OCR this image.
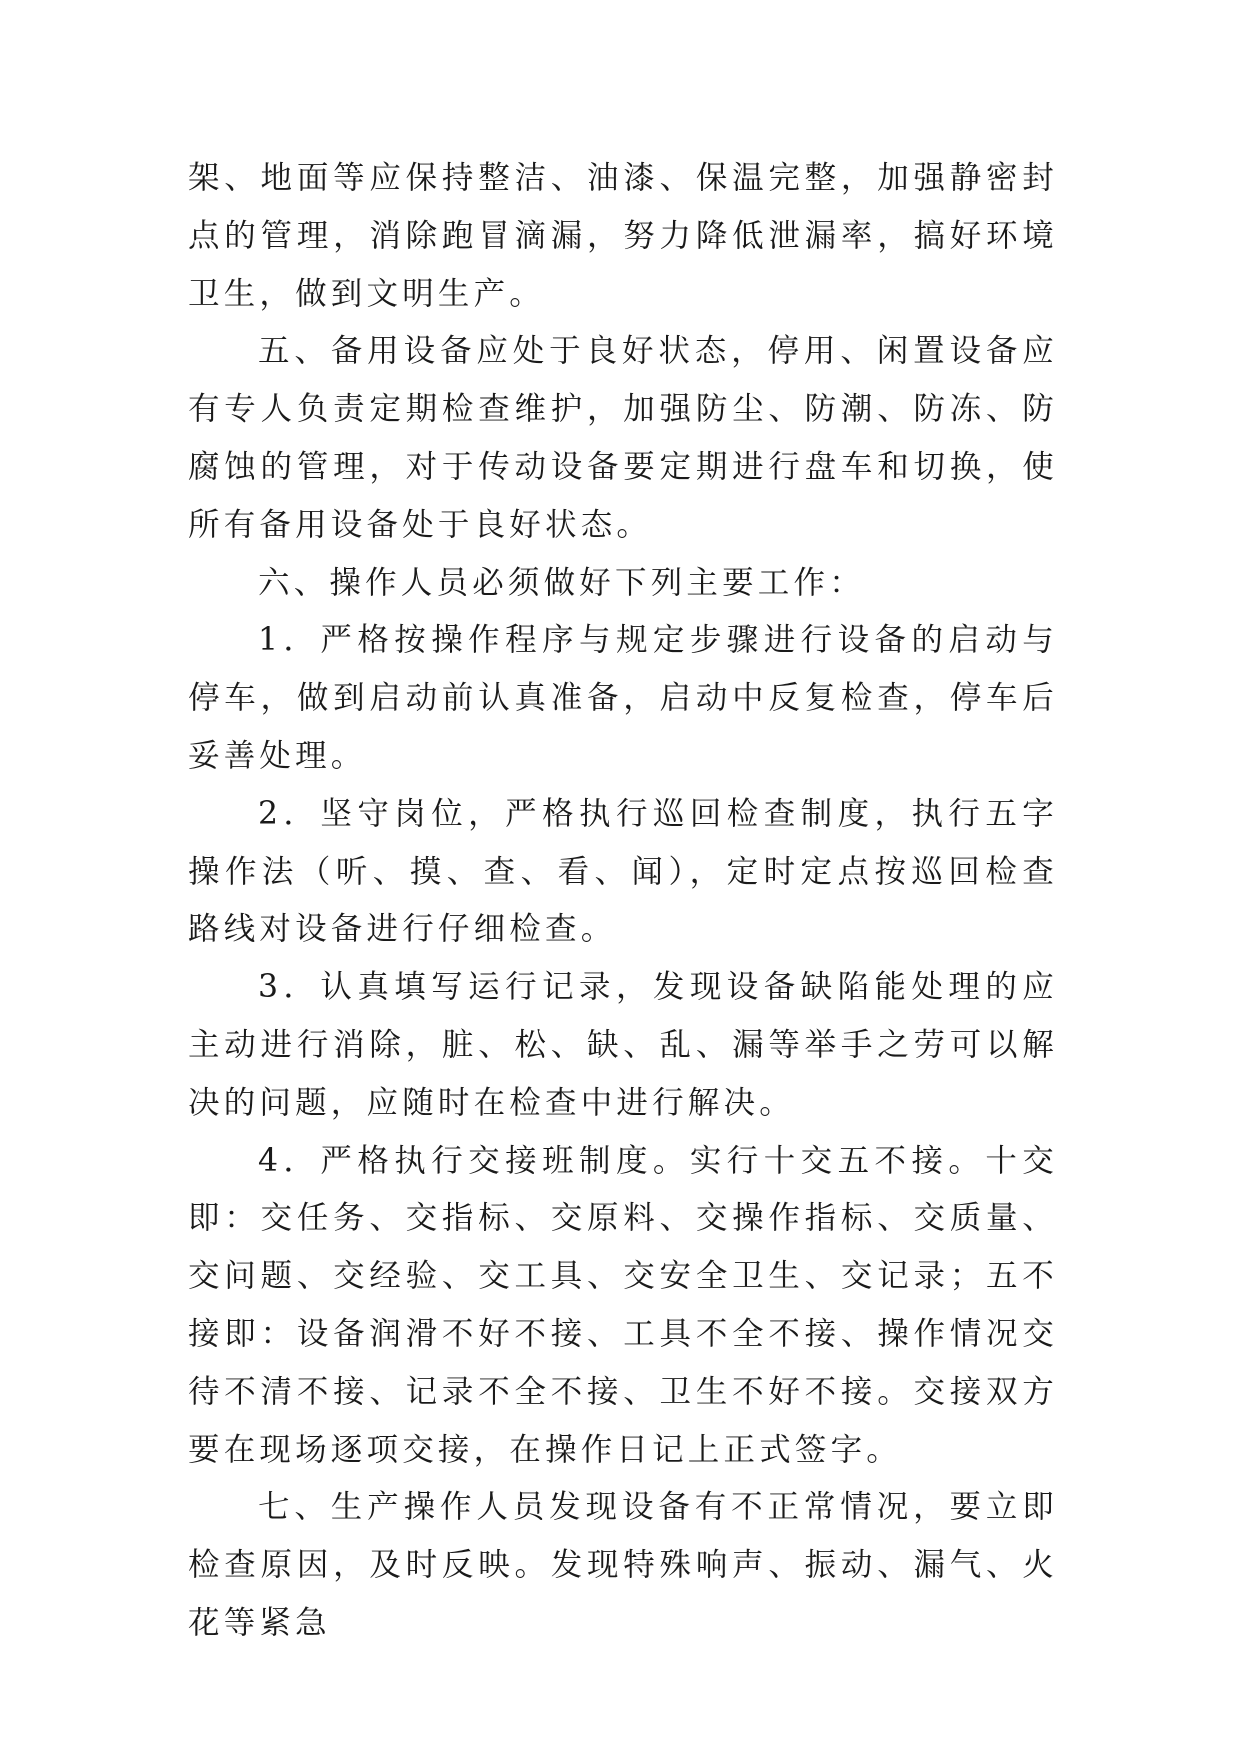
架、地面等应保持整洁、油漆、保温完整，加强静密封点的管理，消除跑冒滴漏，努力降低泄漏率，搞好环境卫生，做到文明生产。

五、备用设备应处于良好状态，停用、闲置设备应有专人负责定期检查维护，加强防尘、防潮、防冻、防腐蚀的管理，对于传动设备要定期进行盘车和切换，使所有备用设备处于良好状态。

六、操作人员必须做好下列主要工作：

1．严格按操作程序与规定步骤进行设备的启动与停车，做到启动前认真准备，启动中反复检查，停车后妥善处理。

2．坚守岗位，严格执行巡回检查制度，执行五字操作法（听、摸、查、看、闻），定时定点按巡回检查路线对设备进行仔细检查。

3．认真填写运行记录，发现设备缺陷能处理的应主动进行消除，脏、松、缺、乱、漏等举手之劳可以解决的问题，应随时在检查中进行解决。

4．严格执行交接班制度。实行十交五不接。十交即：交任务、交指标、交原料、交操作指标、交质量、交问题、交经验、交工具、交安全卫生、交记录；五不接即：设备润滑不好不接、工具不全不接、操作情况交待不清不接、记录不全不接、卫生不好不接。交接双方要在现场逐项交接，在操作日记上正式签字。

七、生产操作人员发现设备有不正常情况，要立即检查原因，及时反映。发现特殊响声、振动、漏气、火花等紧急
